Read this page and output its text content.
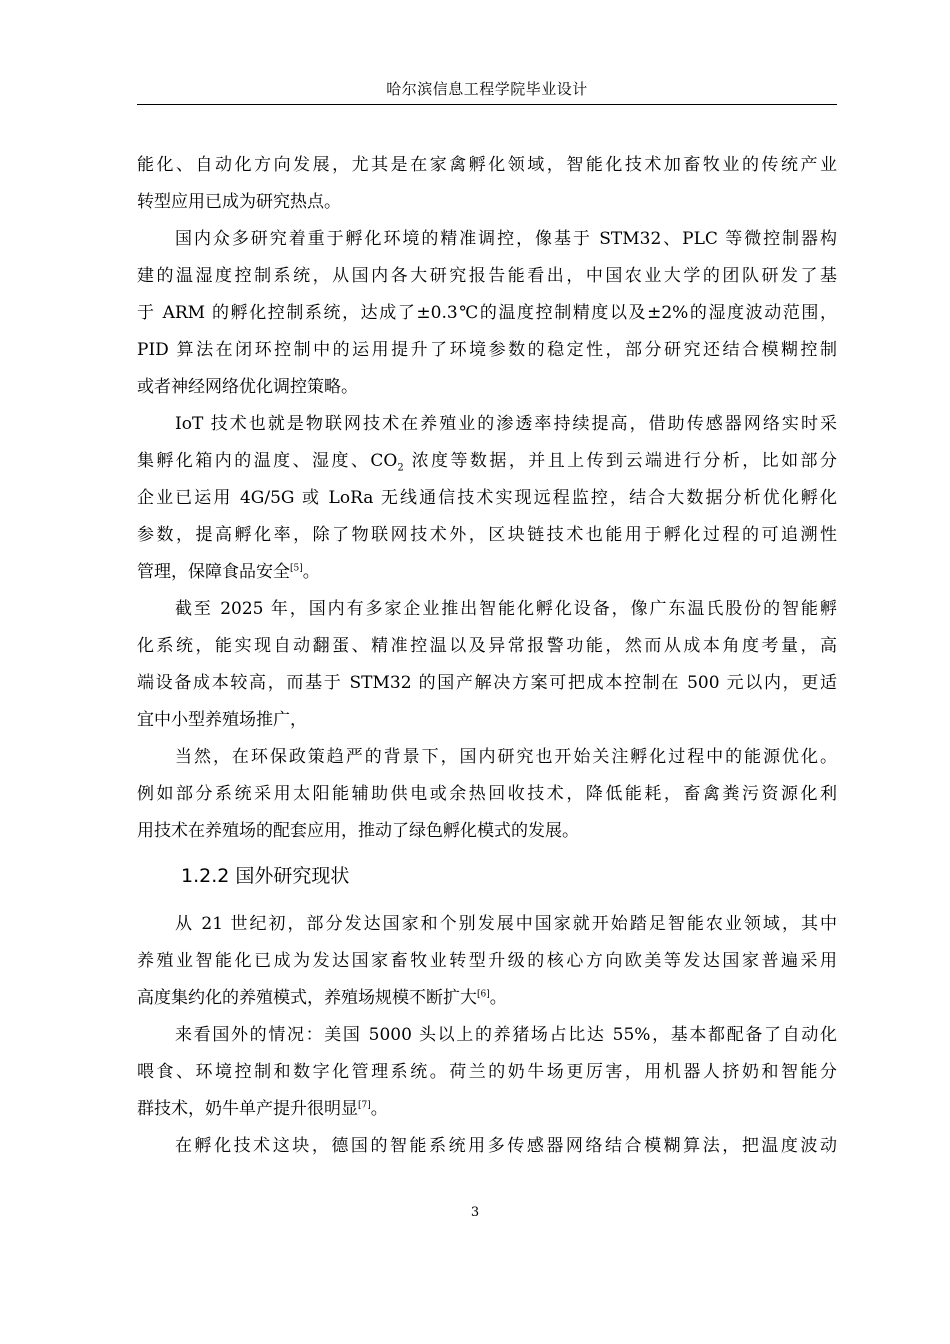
哈尔滨信息工程学院毕业设计
能化、自动化方向发展，尤其是在家禽孵化领域，智能化技术加畜牧业的传统产业
转型应用已成为研究热点。
国内众多研究着重于孵化环境的精准调控，像基于 STM32、PLC 等微控制器构
建的温湿度控制系统，从国内各大研究报告能看出，中国农业大学的团队研发了基
于 ARM 的孵化控制系统，达成了±0.3℃的温度控制精度以及±2%的湿度波动范围，
PID 算法在闭环控制中的运用提升了环境参数的稳定性，部分研究还结合模糊控制
或者神经网络优化调控策略。
IoT 技术也就是物联网技术在养殖业的渗透率持续提高，借助传感器网络实时采
集孵化箱内的温度、湿度、$CO_2$ 浓度等数据，并且上传到云端进行分析，比如部分
企业已运用 4G/5G 或 LoRa 无线通信技术实现远程监控，结合大数据分析优化孵化
参数，提高孵化率，除了物联网技术外，区块链技术也能用于孵化过程的可追溯性
管理，保障食品安全[5]。
截至 2025 年，国内有多家企业推出智能化孵化设备，像广东温氏股份的智能孵
化系统，能实现自动翻蛋、精准控温以及异常报警功能，然而从成本角度考量，高
端设备成本较高，而基于 STM32 的国产解决方案可把成本控制在 500 元以内，更适
宜中小型养殖场推广，
当然，在环保政策趋严的背景下，国内研究也开始关注孵化过程中的能源优化。
例如部分系统采用太阳能辅助供电或余热回收技术，降低能耗，畜禽粪污资源化利
用技术在养殖场的配套应用，推动了绿色孵化模式的发展。
1.2.2 国外研究现状
从 21 世纪初，部分发达国家和个别发展中国家就开始踏足智能农业领域，其中
养殖业智能化已成为发达国家畜牧业转型升级的核心方向欧美等发达国家普遍采用
高度集约化的养殖模式，养殖场规模不断扩大[6]。
来看国外的情况：美国 5000 头以上的养猪场占比达 55%，基本都配备了自动化
喂食、环境控制和数字化管理系统。荷兰的奶牛场更厉害，用机器人挤奶和智能分
群技术，奶牛单产提升很明显[7]。
在孵化技术这块，德国的智能系统用多传感器网络结合模糊算法，把温度波动
3
